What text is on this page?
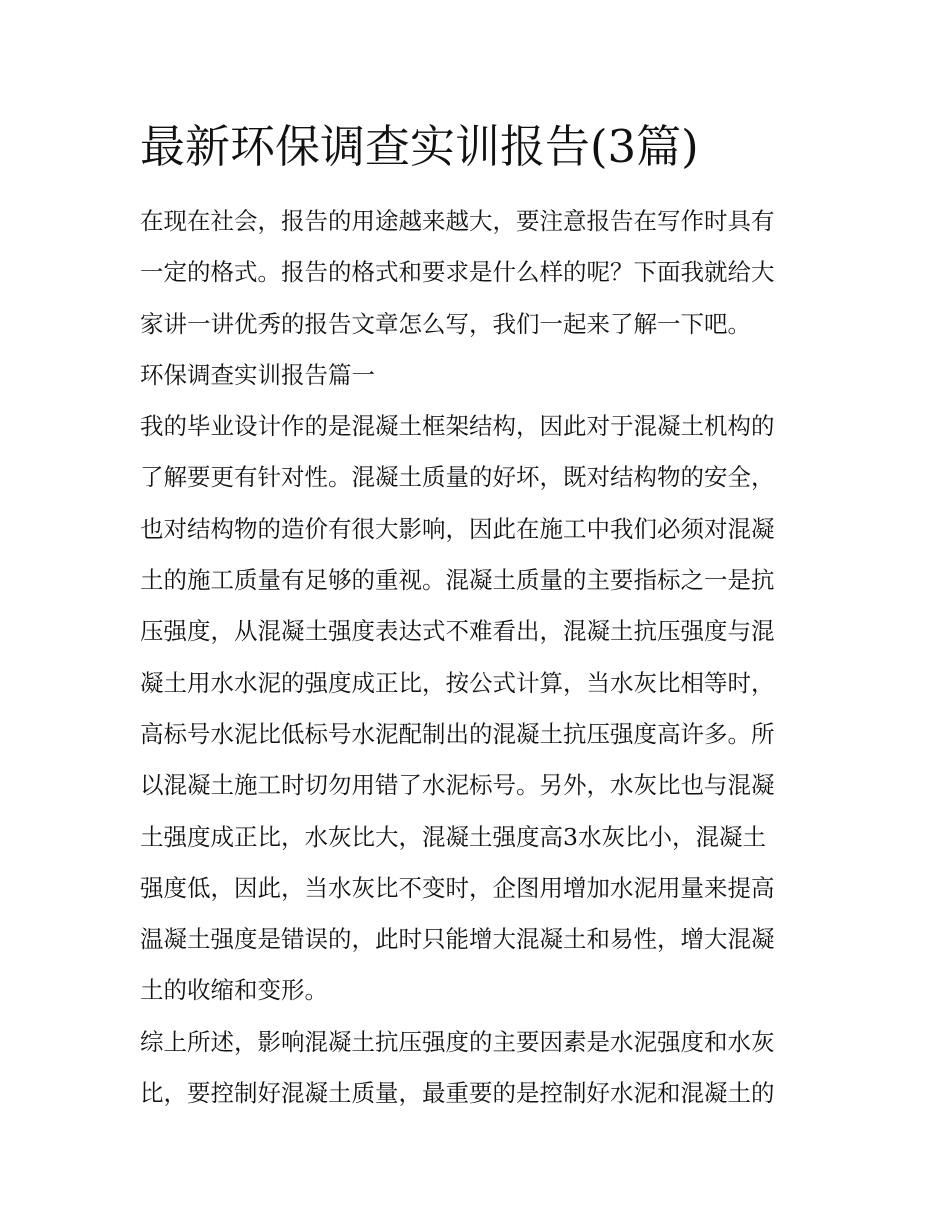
最新环保调查实训报告(3篇)
在现在社会，报告的用途越来越大，要注意报告在写作时具有
一定的格式。报告的格式和要求是什么样的呢？下面我就给大
家讲一讲优秀的报告文章怎么写，我们一起来了解一下吧。
环保调查实训报告篇一
我的毕业设计作的是混凝土框架结构，因此对于混凝土机构的
了解要更有针对性。混凝土质量的好坏，既对结构物的安全，
也对结构物的造价有很大影响，因此在施工中我们必须对混凝
土的施工质量有足够的重视。混凝土质量的主要指标之一是抗
压强度，从混凝土强度表达式不难看出，混凝土抗压强度与混
凝土用水水泥的强度成正比，按公式计算，当水灰比相等时，
高标号水泥比低标号水泥配制出的混凝土抗压强度高许多。所
以混凝土施工时切勿用错了水泥标号。另外，水灰比也与混凝
土强度成正比，水灰比大，混凝土强度高3水灰比小，混凝土
强度低，因此，当水灰比不变时，企图用增加水泥用量来提高
温凝土强度是错误的，此时只能增大混凝土和易性，增大混凝
土的收缩和变形。
综上所述，影响混凝土抗压强度的主要因素是水泥强度和水灰
比，要控制好混凝土质量，最重要的是控制好水泥和混凝土的
